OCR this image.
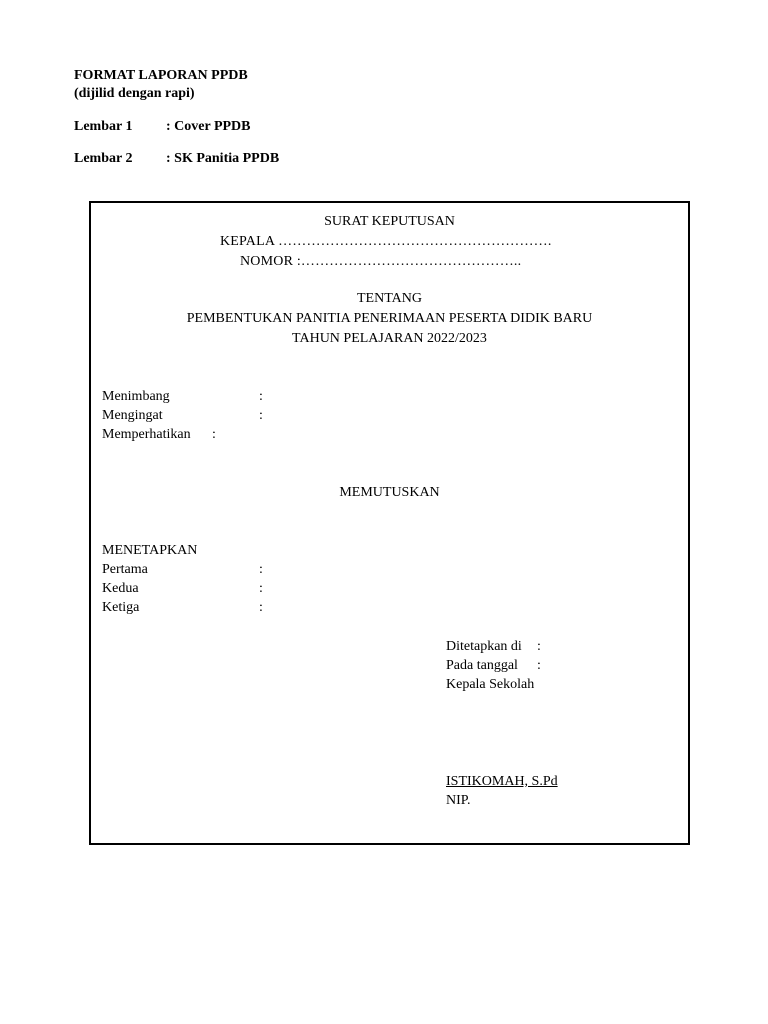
FORMAT LAPORAN PPDB
(dijilid dengan rapi)
Lembar 1 : Cover PPDB
Lembar 2 : SK Panitia PPDB
SURAT KEPUTUSAN
KEPALA ………………………………………………….
NOMOR :………………………………………..
TENTANG
PEMBENTUKAN PANITIA PENERIMAAN PESERTA DIDIK BARU
TAHUN PELAJARAN 2022/2023
Menimbang	:
Mengingat	:
Memperhatikan :
MEMUTUSKAN
MENETAPKAN
Pertama	:
Kedua	:
Ketiga	:
Ditetapkan di :
Pada tanggal :
Kepala Sekolah
ISTIKOMAH, S.Pd
NIP.
